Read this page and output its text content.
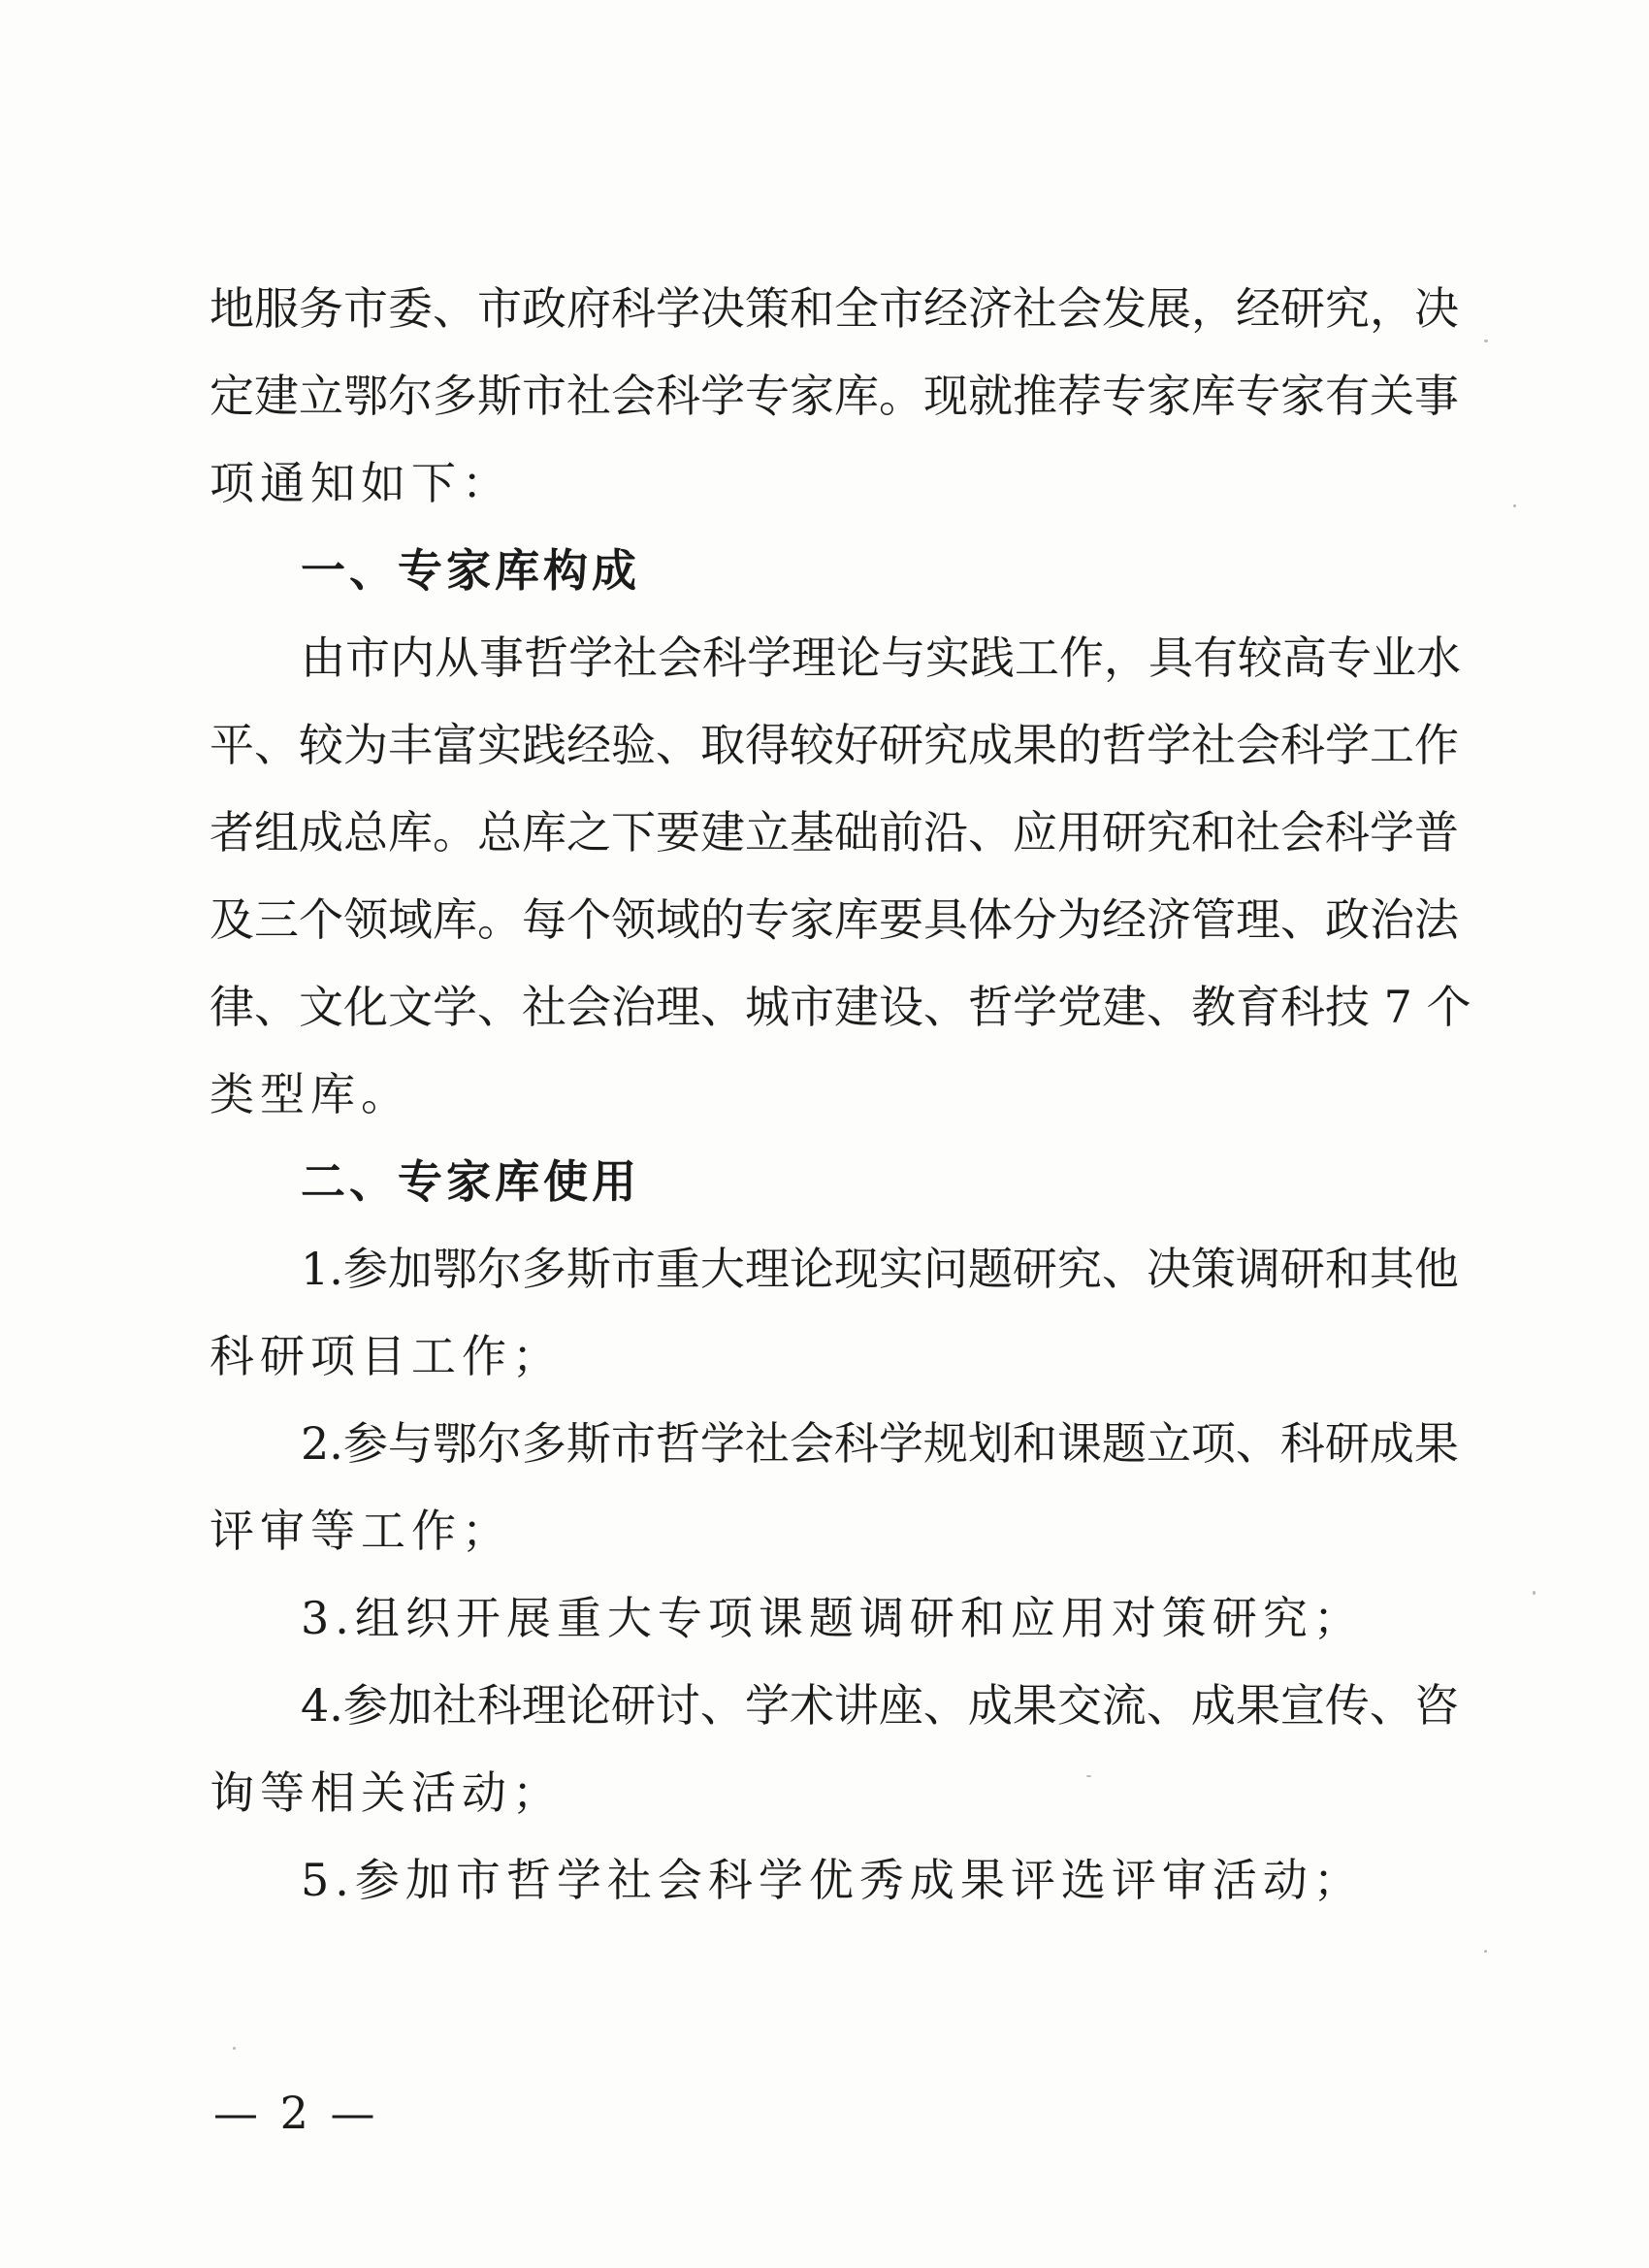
地服务市委、市政府科学决策和全市经济社会发展，经研究，决
定建立鄂尔多斯市社会科学专家库。现就推荐专家库专家有关事
项通知如下：
一、专家库构成
由市内从事哲学社会科学理论与实践工作，具有较高专业水
平、较为丰富实践经验、取得较好研究成果的哲学社会科学工作
者组成总库。总库之下要建立基础前沿、应用研究和社会科学普
及三个领域库。每个领域的专家库要具体分为经济管理、政治法
律、文化文学、社会治理、城市建设、哲学党建、教育科技 7 个
类型库。
二、专家库使用
1.参加鄂尔多斯市重大理论现实问题研究、决策调研和其他
科研项目工作；
2.参与鄂尔多斯市哲学社会科学规划和课题立项、科研成果
评审等工作；
3.组织开展重大专项课题调研和应用对策研究；
4.参加社科理论研讨、学术讲座、成果交流、成果宣传、咨
询等相关活动；
5.参加市哲学社会科学优秀成果评选评审活动；
— 2 —
